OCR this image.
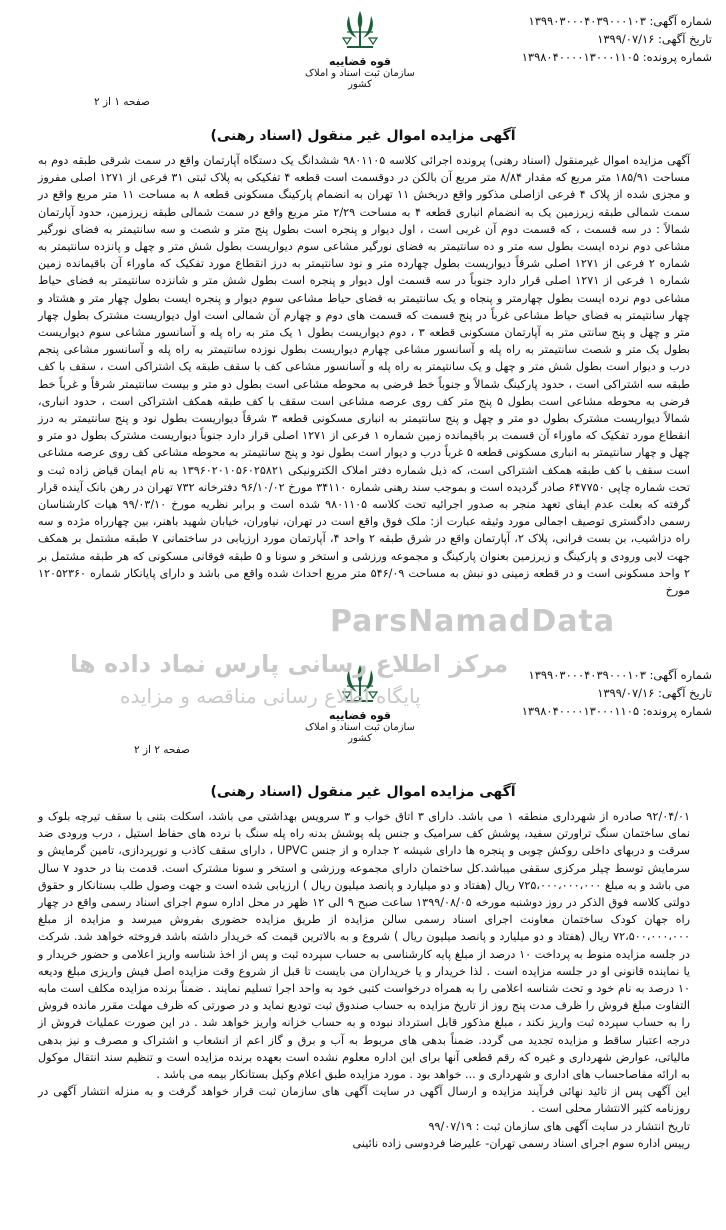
قوه قضاییه
سازمان ثبت اسناد و املاک کشور
شماره آگهی: ۱۳۹۹۰۳۰۰۰۴۰۳۹۰۰۰۱۰۳
تاریخ آگهی: ۱۳۹۹/۰۷/۱۶
شماره پرونده: ۱۳۹۸۰۴۰۰۰۰۱۳۰۰۰۱۱۰۵
صفحه ۱ از ۲
آگهی مزایده اموال غیر منقول (اسناد رهنی)

آگهی مزایده اموال غیرمنقول (اسناد رهنی) پرونده اجرائی کلاسه ۹۸۰۱۱۰۵ ششدانگ یک دستگاه آپارتمان واقع در سمت شرقی طبقه دوم به مساحت ۱۸۵/۹۱ متر مربع که مقدار ۸/۸۴ متر مربع آن بالکن در دوقسمت است قطعه ۴ تفکیکی به پلاک ثبتی ۳۱ فرعی از ۱۲۷۱ اصلی مفروز و مجزی شده از پلاک ۴ فرعی ازاصلی مذکور واقع دربخش ۱۱ تهران به انضمام پارکینگ مسکونی قطعه ۸ به مساحت ۱۱ متر مربع واقع در سمت شمالی طبقه زیرزمین یک به انضمام انباری قطعه ۴ به مساحت ۲/۲۹ متر مربع واقع در سمت شمالی طبقه زیرزمین، حدود آپارتمان شمالاً : در سه قسمت ، که قسمت دوم آن غربی است ، اول دیوار و پنجره است بطول پنج متر و شصت و سه سانتیمتر به فضای نورگیر مشاعی دوم نرده ایست بطول سه متر و ده سانتیمتر به فضای نورگیر مشاعی سوم دیواریست بطول شش متر و چهل و پانزده سانتیمتر به شماره ۲ فرعی از ۱۲۷۱ اصلی شرقاً دیواریست بطول چهارده متر و نود سانتیمتر به درز انقطاع مورد تفکیک که ماوراء آن باقیمانده زمین شماره ۱ فرعی از ۱۲۷۱ اصلی قرار دارد جنوباً در سه قسمت اول دیوار و پنجره است بطول شش متر و شانزده سانتیمتر به فضای حیاط مشاعی دوم نرده ایست بطول چهارمتر و پنجاه و یک سانتیمتر به فضای حیاط مشاعی سوم دیوار و پنجره ایست بطول چهار متر و هشتاد و چهار سانتیمتر به فضای حیاط مشاعی غرباً در پنج قسمت که قسمت های دوم و چهارم آن شمالی است اول دیواریست مشترک بطول چهار متر و چهل و پنج سانتی متر به آپارتمان مسکونی قطعه ۳ ، دوم دیواریست بطول ۱ یک متر به راه پله و آسانسور مشاعی سوم دیواریست بطول یک متر و شصت سانتیمتر به راه پله و آسانسور مشاعی چهارم دیواریست بطول نوزده سانتیمتر به راه پله و آسانسور مشاعی پنجم درب و دیوار است بطول شش متر و چهل و یک سانتیمتر به راه پله و آسانسور مشاعی کف با سقف طبقه یک اشتراکی است ، سقف با کف طبقه سه اشتراکی است ، حدود پارکینگ شمالاً و جنوباً خط فرضی به محوطه مشاعی است بطول دو متر و بیست سانتیمتر شرقاً و غرباً خط فرضی به محوطه مشاعی است بطول ۵ پنج متر کف روی عرصه مشاعی است سقف با کف طبقه همکف اشتراکی است ، حدود انباری، شمالاً دیواریست مشترک بطول دو متر و چهل و پنج سانتیمتر به انباری مسکونی قطعه ۳ شرقاً دیواریست بطول نود و پنج سانتیمتر به درز انقطاع مورد تفکیک که ماوراء آن قسمت بر باقیمانده زمین شماره ۱ فرعی از ۱۲۷۱ اصلی قرار دارد جنوباً دیواریست مشترک بطول دو متر و چهل و چهار سانتیمتر به انباری مسکونی قطعه ۵ غرباً درب و دیوار است بطول نود و پنج سانتیمتر به محوطه مشاعی کف روی عرصه مشاعی است سقف با کف طبقه همکف اشتراکی است، که ذیل شماره دفتر املاک الکترونیکی ۱۳۹۶۰۲۰۱۰۵۶۰۲۵۸۲۱ به نام ایمان قیاض زاده ثبت و تحت شماره چاپی ۶۴۷۷۵۰ صادر گردیده است و بموجب سند رهنی شماره ۳۴۱۱۰ مورخ ۹۶/۱۰/۰۲ دفترخانه ۷۳۲ تهران در رهن بانک آینده قرار گرفته که بعلت عدم ایفای تعهد منجر به صدور اجرائیه تحت کلاسه ۹۸۰۱۱۰۵ شده است و برابر نظریه مورخ ۹۹/۰۳/۱۰ هیات کارشناسان رسمی دادگستری توصیف اجمالی مورد وثیقه عبارت از: ملک فوق واقع است در تهران، نیاوران، خیابان شهید باهنر، بین چهارراه مژده و سه راه دزاشیب، بن بست فرانی، پلاک ۲، آپارتمان واقع در شرق طبقه ۲ واحد ۴، آپارتمان مورد ارزیابی در ساختمانی ۷ طبقه مشتمل بر همکف جهت لابی ورودی و پارکینگ و زیرزمین بعنوان پارکینگ و مجموعه ورزشی و استخر و سونا و ۵ طبقه فوقانی مسکونی که هر طبقه مشتمل بر ۲ واحد مسکونی است و در قطعه زمینی دو نبش به مساحت ۵۴۶/۰۹ متر مربع احداث شده واقع می باشد و دارای پایانکار شماره ۱۲۰۵۲۳۶۰ مورخ

قوه قضاییه
سازمان ثبت اسناد و املاک کشور
شماره آگهی: ۱۳۹۹۰۳۰۰۰۴۰۳۹۰۰۰۱۰۳
تاریخ آگهی: ۱۳۹۹/۰۷/۱۶
شماره پرونده: ۱۳۹۸۰۴۰۰۰۰۱۳۰۰۰۱۱۰۵
صفحه ۲ از ۲
ParsNamadData
مرکز اطلاع رسانی پارس نماد داده ها
پایگاه اطلاع رسانی مناقصه و مزایده
آگهی مزایده اموال غیر منقول (اسناد رهنی)

۹۲/۰۴/۰۱ صادره از شهرداری منطقه ۱ می باشد. دارای ۳ اتاق خواب و ۳ سرویس بهداشتی می باشد، اسکلت بتنی با سقف تیرچه بلوک و نمای ساختمان سنگ تراورتن سفید، پوشش کف سرامیک و جنس پله پوشش بدنه راه پله سنگ با نرده های حفاظ استیل ، درب ورودی ضد سرقت و دربهای داخلی روکش چوبی و پنجره ها دارای شیشه ۲ جداره و از جنس UPVC ، دارای سقف کاذب و نورپردازی، تامین گرمایش و سرمایش توسط چیلر مرکزی سقفی میباشد.کل ساختمان دارای مجموعه ورزشی و استخر و سونا مشترک است. قدمت بنا در حدود ۷ سال می باشد و به مبلغ ۷۲۵،۰۰۰،۰۰۰،۰۰۰ ریال (هفتاد و دو میلیارد و پانصد میلیون ریال ) ارزیابی شده است و جهت وصول طلب بستانکار و حقوق دولتی کلاسه فوق الذکر در روز دوشنبه مورخه ۱۳۹۹/۰۸/۰۵ ساعت صبح ۹ الی ۱۲ ظهر در محل اداره سوم اجرای اسناد رسمی واقع در چهار راه جهان کودک ساختمان معاونت اجرای اسناد رسمی سالن مزایده از طریق مزایده حضوری بفروش میرسد و مزایده از مبلغ ۷۲،۵۰۰،۰۰۰،۰۰۰ ریال (هفتاد و دو میلیارد و پانصد میلیون ریال ) شروع و به بالاترین قیمت که خریدار داشته باشد فروخته خواهد شد. شرکت در جلسه مزایده منوط به پرداخت ۱۰ درصد از مبلغ پایه کارشناسی به حساب سپرده ثبت و پس از اخذ شناسه واریز اعلامی و حضور خریدار و یا نماینده قانونی او در جلسه مزایده است . لذا خریدار و یا خریداران می بایست تا قبل از شروع وقت مزایده اصل فیش واریزی مبلغ ودیعه ۱۰ درصد به نام خود و تحت شناسه اعلامی را به همراه درخواست کتبی خود به واحد اجرا تسلیم نمایند . ضمناً برنده مزایده مکلف است مابه التفاوت مبلغ فروش را ظرف مدت پنج روز از تاریخ مزایده به حساب صندوق ثبت تودیع نماید و در صورتی که ظرف مهلت مقرر مانده فروش را به حساب سپرده ثبت واریز نکند ، مبلغ مذکور قابل استرداد نبوده و به حساب خزانه واریز خواهد شد . در این صورت عملیات فروش از درجه اعتبار ساقط و مزایده تجدید می گردد. ضمناً بدهی های مربوط به آب و برق و گاز اعم از انشعاب و اشتراک و مصرف و نیز بدهی مالیاتی، عوارض شهرداری و غیره که رقم قطعی آنها برای این اداره معلوم نشده است بعهده برنده مزایده است و تنظیم سند انتقال موکول به ارائه مفاصاحساب های اداری و شهرداری و ... خواهد بود . مورد مزایده طبق اعلام وکیل بستانکار بیمه می باشد .

این آگهی پس از تائید نهائی فرآیند مزایده و ارسال آگهی در سایت آگهی های سازمان ثبت قرار خواهد گرفت و به منزله انتشار آگهی در روزنامه کثیر الانتشار محلی است .

تاریخ انتشار در سایت آگهی های سازمان ثبت : ۹۹/۰۷/۱۹

رییس اداره سوم اجرای اسناد رسمی تهران- علیرضا فردوسی زاده نائینی
